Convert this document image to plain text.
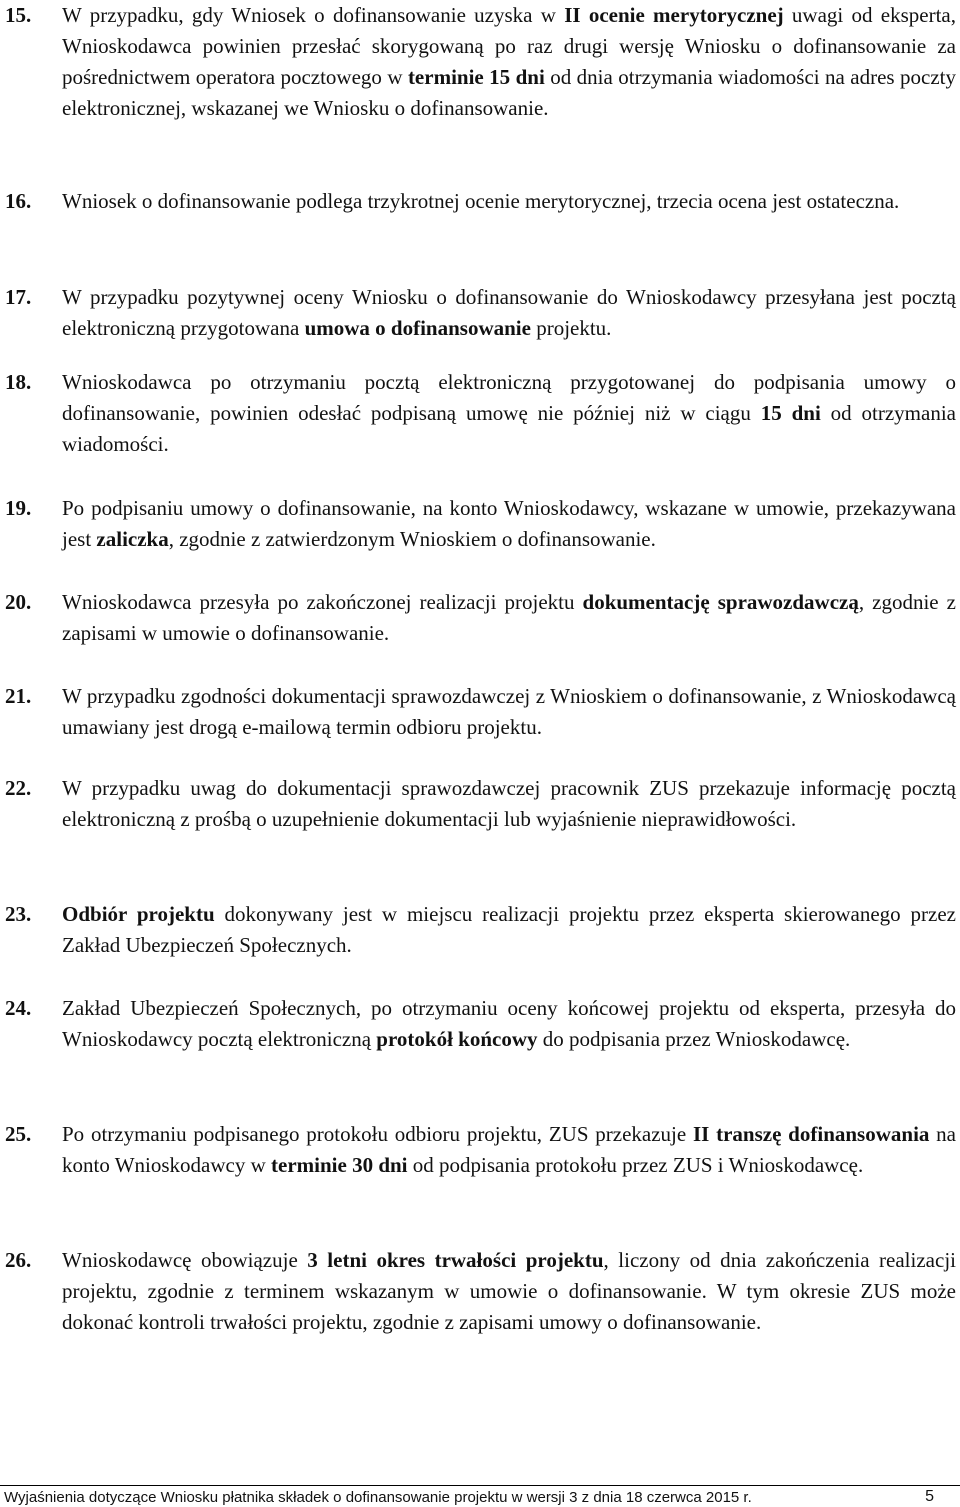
15. W przypadku, gdy Wniosek o dofinansowanie uzyska w II ocenie merytorycznej uwagi od eksperta, Wnioskodawca powinien przesłać skorygowaną po raz drugi wersję Wniosku o dofinansowanie za pośrednictwem operatora pocztowego w terminie 15 dni od dnia otrzymania wiadomości na adres poczty elektronicznej, wskazanej we Wniosku o dofinansowanie.
16. Wniosek o dofinansowanie podlega trzykrotnej ocenie merytorycznej, trzecia ocena jest ostateczna.
17. W przypadku pozytywnej oceny Wniosku o dofinansowanie do Wnioskodawcy przesyłana jest pocztą elektroniczną przygotowana umowa o dofinansowanie projektu.
18. Wnioskodawca po otrzymaniu pocztą elektroniczną przygotowanej do podpisania umowy o dofinansowanie, powinien odesłać podpisaną umowę nie później niż w ciągu 15 dni od otrzymania wiadomości.
19. Po podpisaniu umowy o dofinansowanie, na konto Wnioskodawcy, wskazane w umowie, przekazywana jest zaliczka, zgodnie z zatwierdzonym Wnioskiem o dofinansowanie.
20. Wnioskodawca przesyła po zakończonej realizacji projektu dokumentację sprawozdawczą, zgodnie z zapisami w umowie o dofinansowanie.
21. W przypadku zgodności dokumentacji sprawozdawczej z Wnioskiem o dofinansowanie, z Wnioskodawcą umawiany jest drogą e-mailową termin odbioru projektu.
22. W przypadku uwag do dokumentacji sprawozdawczej pracownik ZUS przekazuje informację pocztą elektroniczną z prośbą o uzupełnienie dokumentacji lub wyjaśnienie nieprawidłowości.
23. Odbiór projektu dokonywany jest w miejscu realizacji projektu przez eksperta skierowanego przez Zakład Ubezpieczeń Społecznych.
24. Zakład Ubezpieczeń Społecznych, po otrzymaniu oceny końcowej projektu od eksperta, przesyła do Wnioskodawcy pocztą elektroniczną protokół końcowy do podpisania przez Wnioskodawcę.
25. Po otrzymaniu podpisanego protokołu odbioru projektu, ZUS przekazuje II transzę dofinansowania na konto Wnioskodawcy w terminie 30 dni od podpisania protokołu przez ZUS i Wnioskodawcę.
26. Wnioskodawcę obowiązuje 3 letni okres trwałości projektu, liczony od dnia zakończenia realizacji projektu, zgodnie z terminem wskazanym w umowie o dofinansowanie. W tym okresie ZUS może dokonać kontroli trwałości projektu, zgodnie z zapisami umowy o dofinansowanie.
Wyjaśnienia dotyczące Wniosku płatnika składek o dofinansowanie projektu w wersji 3 z dnia 18 czerwca 2015 r.	5
